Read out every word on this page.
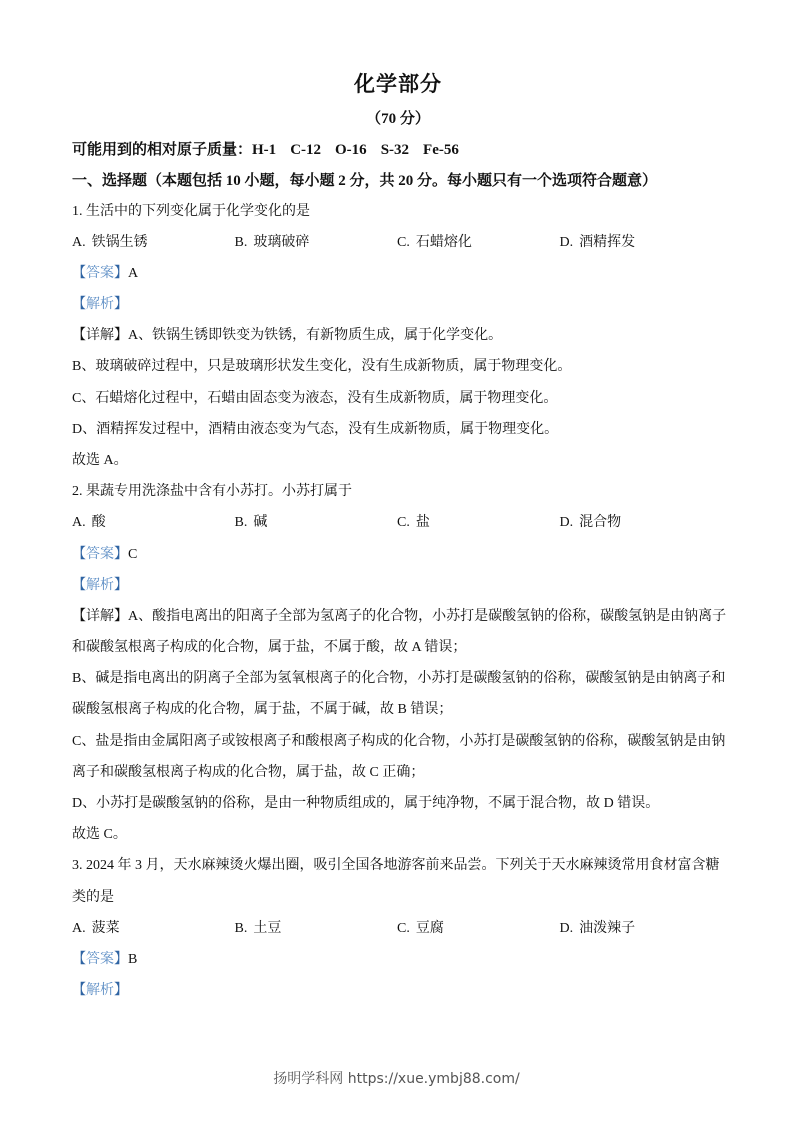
化学部分
（70 分）
可能用到的相对原子质量：H-1 C-12 O-16 S-32 Fe-56
一、选择题（本题包括 10 小题，每小题 2 分，共 20 分。每小题只有一个选项符合题意）
1. 生活中的下列变化属于化学变化的是
A. 铁锅生锈	B. 玻璃破碎	C. 石蜡熔化	D. 酒精挥发
【答案】A
【解析】
【详解】A、铁锅生锈即铁变为铁锈，有新物质生成，属于化学变化。
B、玻璃破碎过程中，只是玻璃形状发生变化，没有生成新物质，属于物理变化。
C、石蜡熔化过程中，石蜡由固态变为液态，没有生成新物质，属于物理变化。
D、酒精挥发过程中，酒精由液态变为气态，没有生成新物质，属于物理变化。
故选 A。
2. 果蔬专用洗涤盐中含有小苏打。小苏打属于
A. 酸	B. 碱	C. 盐	D. 混合物
【答案】C
【解析】
【详解】A、酸指电离出的阳离子全部为氢离子的化合物，小苏打是碳酸氢钠的俗称，碳酸氢钠是由钠离子
和碳酸氢根离子构成的化合物，属于盐，不属于酸，故 A 错误；
B、碱是指电离出的阴离子全部为氢氧根离子的化合物，小苏打是碳酸氢钠的俗称，碳酸氢钠是由钠离子和
碳酸氢根离子构成的化合物，属于盐，不属于碱，故 B 错误；
C、盐是指由金属阳离子或铵根离子和酸根离子构成的化合物，小苏打是碳酸氢钠的俗称，碳酸氢钠是由钠
离子和碳酸氢根离子构成的化合物，属于盐，故 C 正确；
D、小苏打是碳酸氢钠的俗称，是由一种物质组成的，属于纯净物，不属于混合物，故 D 错误。
故选 C。
3. 2024 年 3 月，天水麻辣烫火爆出圈，吸引全国各地游客前来品尝。下列关于天水麻辣烫常用食材富含糖
类的是
A. 菠菜	B. 土豆	C. 豆腐	D. 油泼辣子
【答案】B
【解析】
扬明学科网 https://xue.ymbj88.com/
